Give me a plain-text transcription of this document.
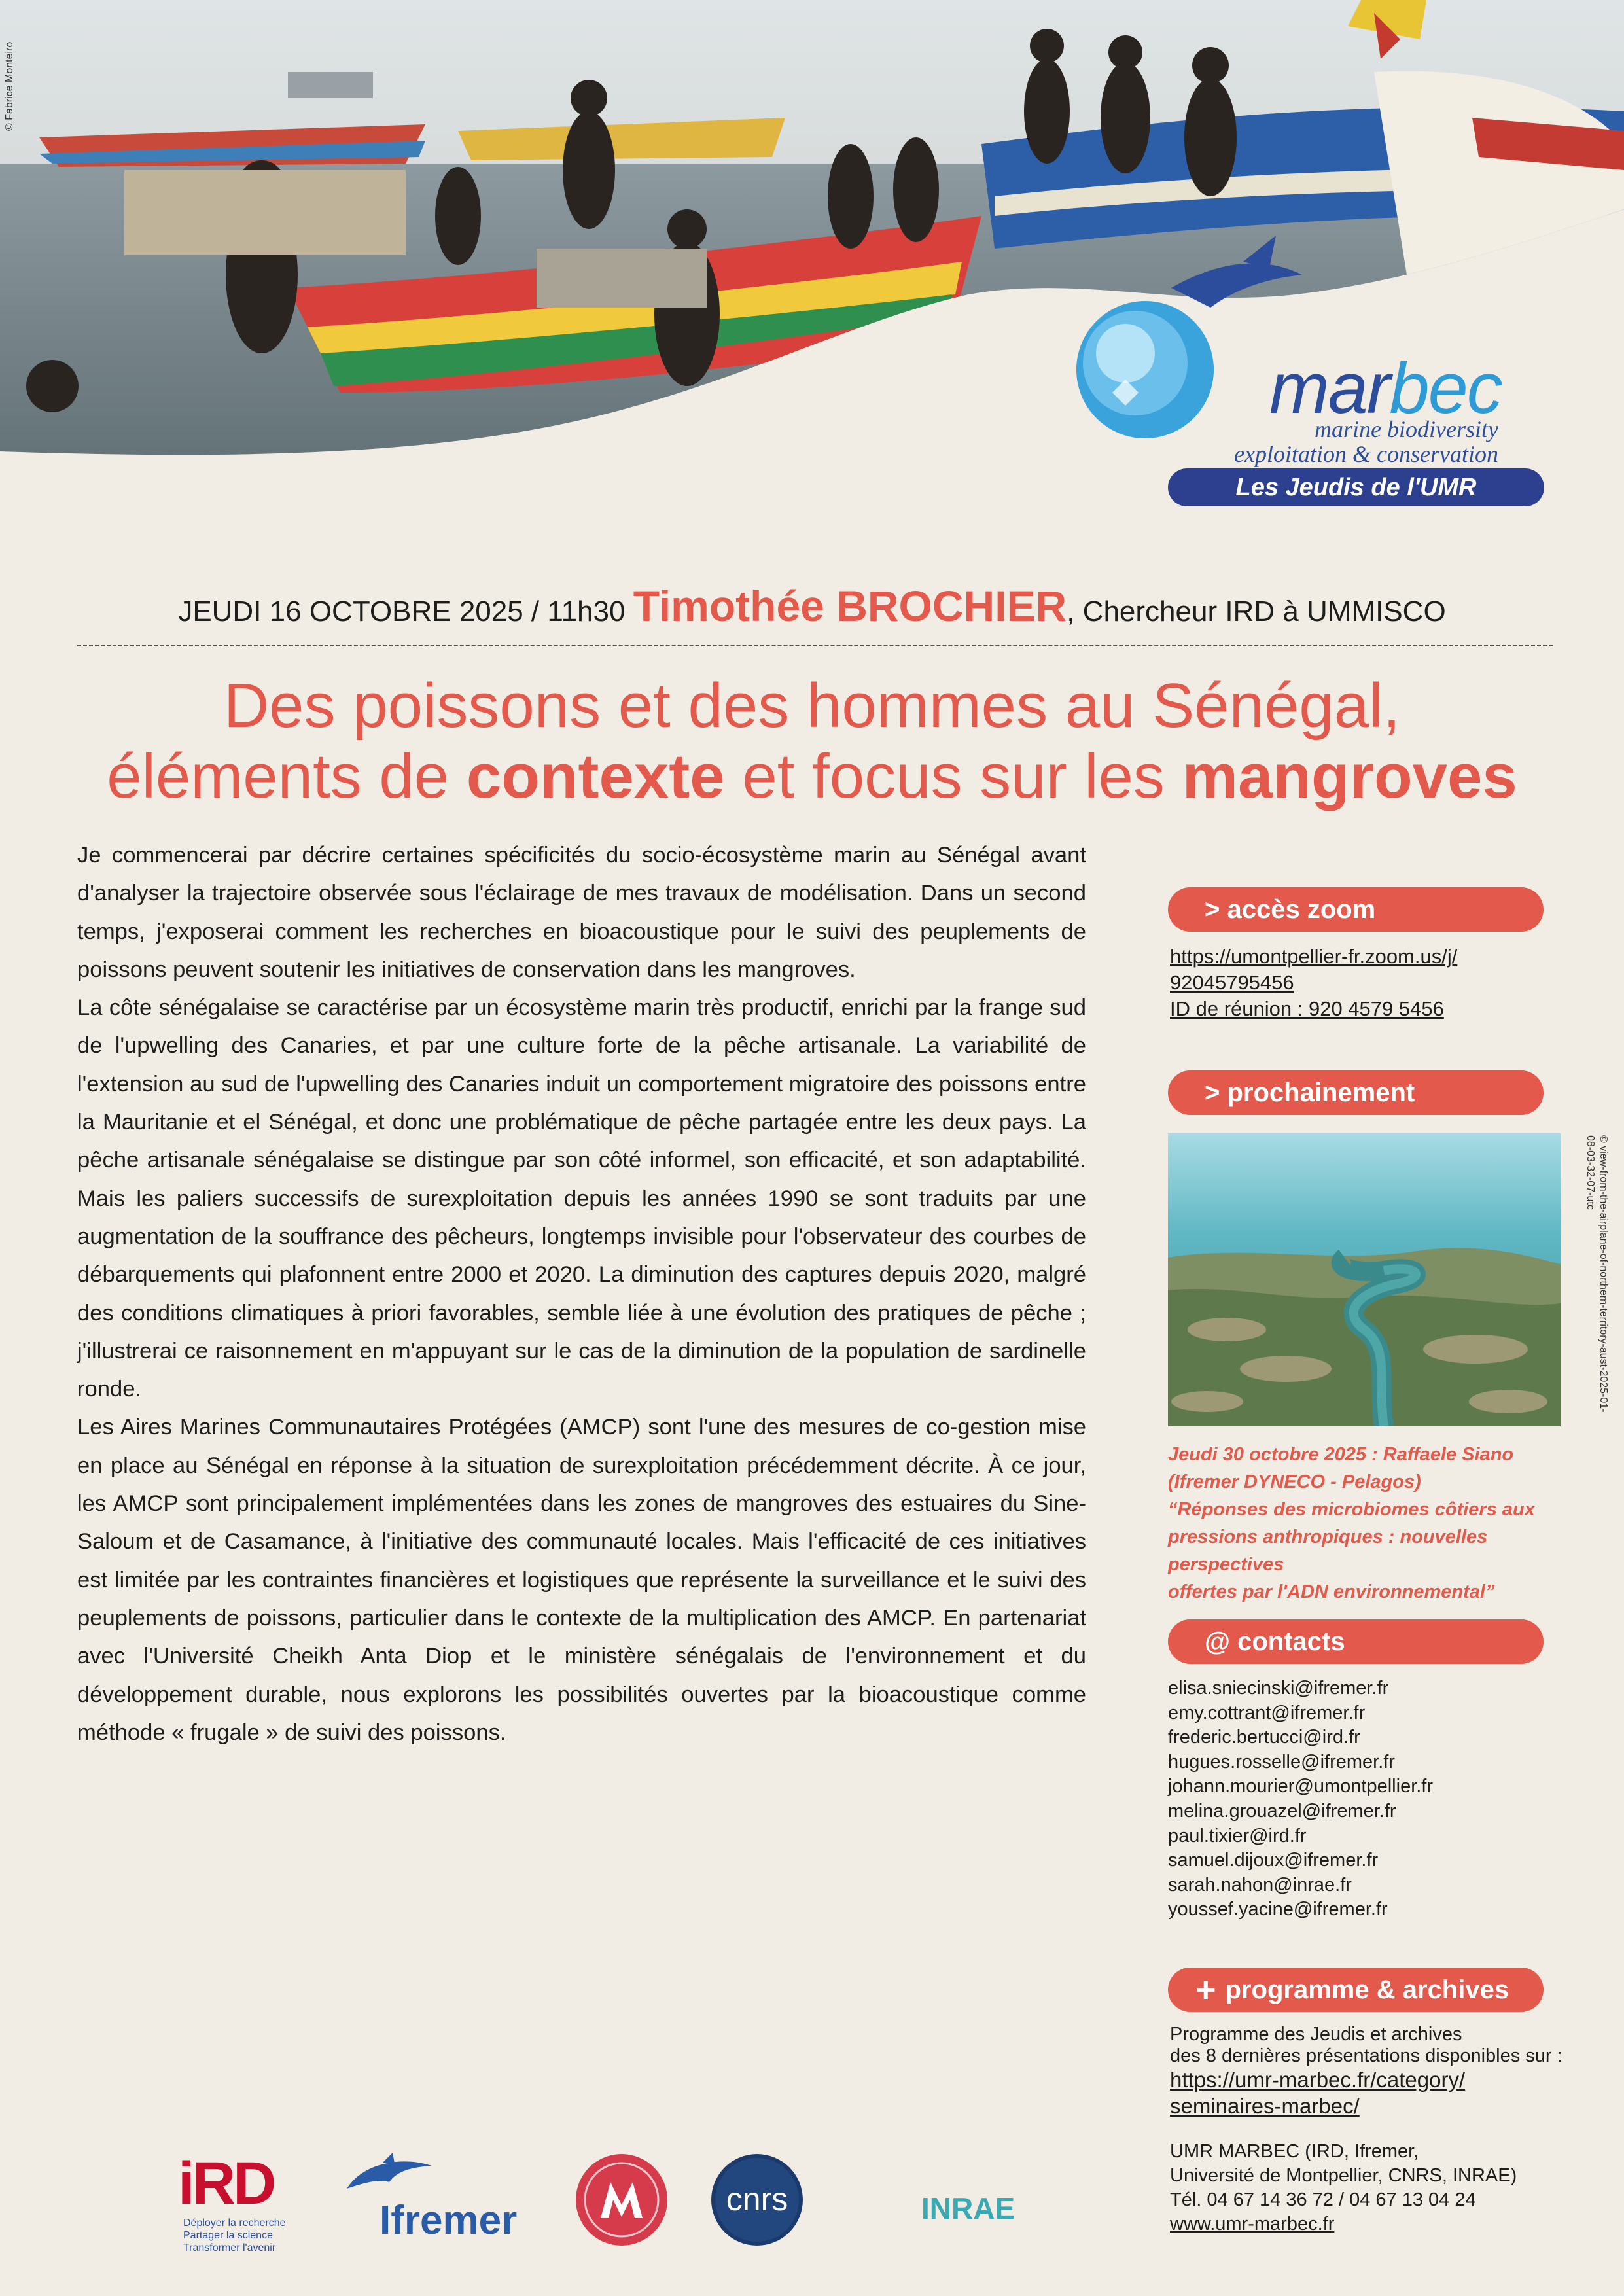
© Fabrice Monteiro
marbec
marine biodiversity
exploitation & conservation
Les Jeudis de l'UMR
JEUDI 16 OCTOBRE 2025 / 11h30 Timothée BROCHIER, Chercheur IRD à UMMISCO
Des poissons et des hommes au Sénégal,
éléments de contexte et focus sur les mangroves

Je commencerai par décrire certaines spécificités du socio-écosystème marin au Sénégal avant d'analyser la trajectoire observée sous l'éclairage de mes travaux de modélisation. Dans un second temps, j'exposerai comment les recherches en bioacoustique pour le suivi des peuplements de poissons peuvent soutenir les initiatives de conservation dans les mangroves.

La côte sénégalaise se caractérise par un écosystème marin très productif, enrichi par la frange sud de l'upwelling des Canaries, et par une culture forte de la pêche artisanale. La variabilité de l'extension au sud de l'upwelling des Canaries induit un comportement migratoire des poissons entre la Mauritanie et el Sénégal, et donc une problématique de pêche partagée entre les deux pays. La pêche artisanale sénégalaise se distingue par son côté informel, son efficacité, et son adaptabilité. Mais les paliers successifs de surexploitation depuis les années 1990 se sont traduits par une augmentation de la souffrance des pêcheurs, longtemps invisible pour l'observateur des courbes de débarquements qui plafonnent entre 2000 et 2020. La diminution des captures depuis 2020, malgré des conditions climatiques à priori favorables, semble liée à une évolution des pratiques de pêche ; j'illustrerai ce raisonnement en m'appuyant sur le cas de la diminution de la population de sardinelle ronde.

Les Aires Marines Communautaires Protégées (AMCP) sont l'une des mesures de co-gestion mise en place au Sénégal en réponse à la situation de surexploitation précédemment décrite. À ce jour, les AMCP sont principalement implémentées dans les zones de mangroves des estuaires du Sine-Saloum et de Casamance, à l'initiative des communauté locales. Mais l'efficacité de ces initiatives est limitée par les contraintes financières et logistiques que représente la surveillance et le suivi des peuplements de poissons, particulier dans le contexte de la multiplication des AMCP. En partenariat avec l'Université Cheikh Anta Diop et le ministère sénégalais de l'environnement et du développement durable, nous explorons les possibilités ouvertes par la bioacoustique comme méthode « frugale » de suivi des poissons.

> accès zoom
https://umontpellier-fr.zoom.us/j/
92045795456
ID de réunion : 920 4579 5456
> prochainement
© view-from-the-airplane-of-northern-territory-aust-2025-01-08-03-32-07-utc
Jeudi 30 octobre 2025 : Raffaele Siano
(Ifremer DYNECO - Pelagos)
“Réponses des microbiomes côtiers aux
pressions anthropiques : nouvelles perspectives
offertes par l'ADN environnemental”
@ contacts
elisa.sniecinski@ifremer.fr
emy.cottrant@ifremer.fr
frederic.bertucci@ird.fr
hugues.rosselle@ifremer.fr
johann.mourier@umontpellier.fr
melina.grouazel@ifremer.fr
paul.tixier@ird.fr
samuel.dijoux@ifremer.fr
sarah.nahon@inrae.fr
youssef.yacine@ifremer.fr
+ programme & archives
Programme des Jeudis et archives
des 8 dernières présentations disponibles sur :
https://umr-marbec.fr/category/
seminaires-marbec/
UMR MARBEC (IRD, Ifremer,
Université de Montpellier, CNRS, INRAE)
Tél. 04 67 14 36 72 / 04 67 13 04 24
www.umr-marbec.fr
iRD
Déployer la recherche
Partager la science
Transformer l'avenir
Ifremer	cnrs	INRAE
